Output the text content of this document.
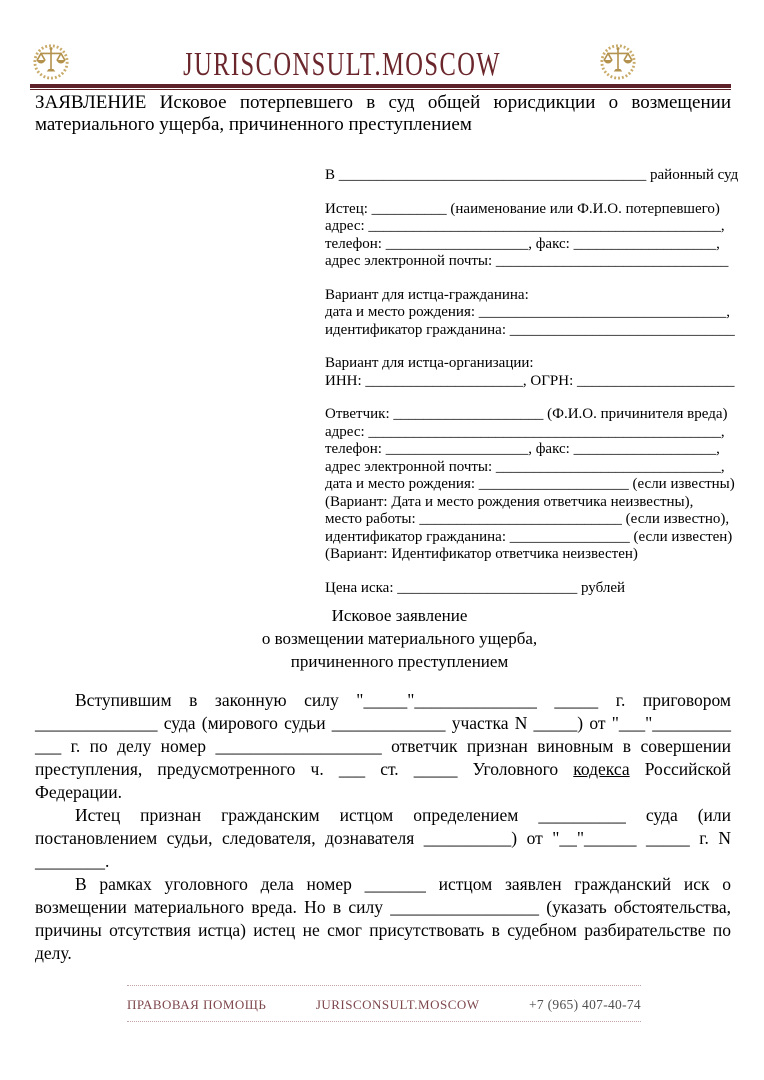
JURISCONSULT.MOSCOW
ЗАЯВЛЕНИЕ Исковое потерпевшего в суд общей юрисдикции о возмещении
материального ущерба, причиненного преступлением
В _________________________________________ районный суд
Истец: __________ (наименование или Ф.И.О. потерпевшего)
адрес: _______________________________________________,
телефон: ___________________, факс: ___________________,
адрес электронной почты: _______________________________
Вариант для истца-гражданина:
дата и место рождения: _________________________________,
идентификатор гражданина: ______________________________
Вариант для истца-организации:
ИНН: _____________________, ОГРН: _____________________
Ответчик: ____________________ (Ф.И.О. причинителя вреда)
адрес: _______________________________________________,
телефон: ___________________, факс: ___________________,
адрес электронной почты: ______________________________,
дата и место рождения: ____________________ (если известны)
(Вариант: Дата и место рождения ответчика неизвестны),
место работы: ___________________________ (если известно),
идентификатор гражданина: ________________ (если известен)
(Вариант: Идентификатор ответчика неизвестен)
Цена иска: ________________________ рублей
Исковое заявление
о возмещении материального ущерба,
причиненного преступлением

Вступившим в законную силу "_____"______________ _____ г. приговором ______________ суда (мирового судьи _____________ участка N _____) от "___"_________ ___ г. по делу номер ___________________ ответчик признан виновным в совершении преступления, предусмотренного ч. ___ ст. _____ Уголовного кодекса Российской Федерации.

Истец признан гражданским истцом определением __________ суда (или постановлением судьи, следователя, дознавателя __________) от "__"______ _____ г. N ________.

В рамках уголовного дела номер _______ истцом заявлен гражданский иск о возмещении материального вреда. Но в силу _________________ (указать обстоятельства, причины отсутствия истца) истец не смог присутствовать в судебном разбирательстве по делу.

ПРАВОВАЯ ПОМОЩЬ	JURISCONSULT.MOSCOW	+7 (965) 407-40-74
